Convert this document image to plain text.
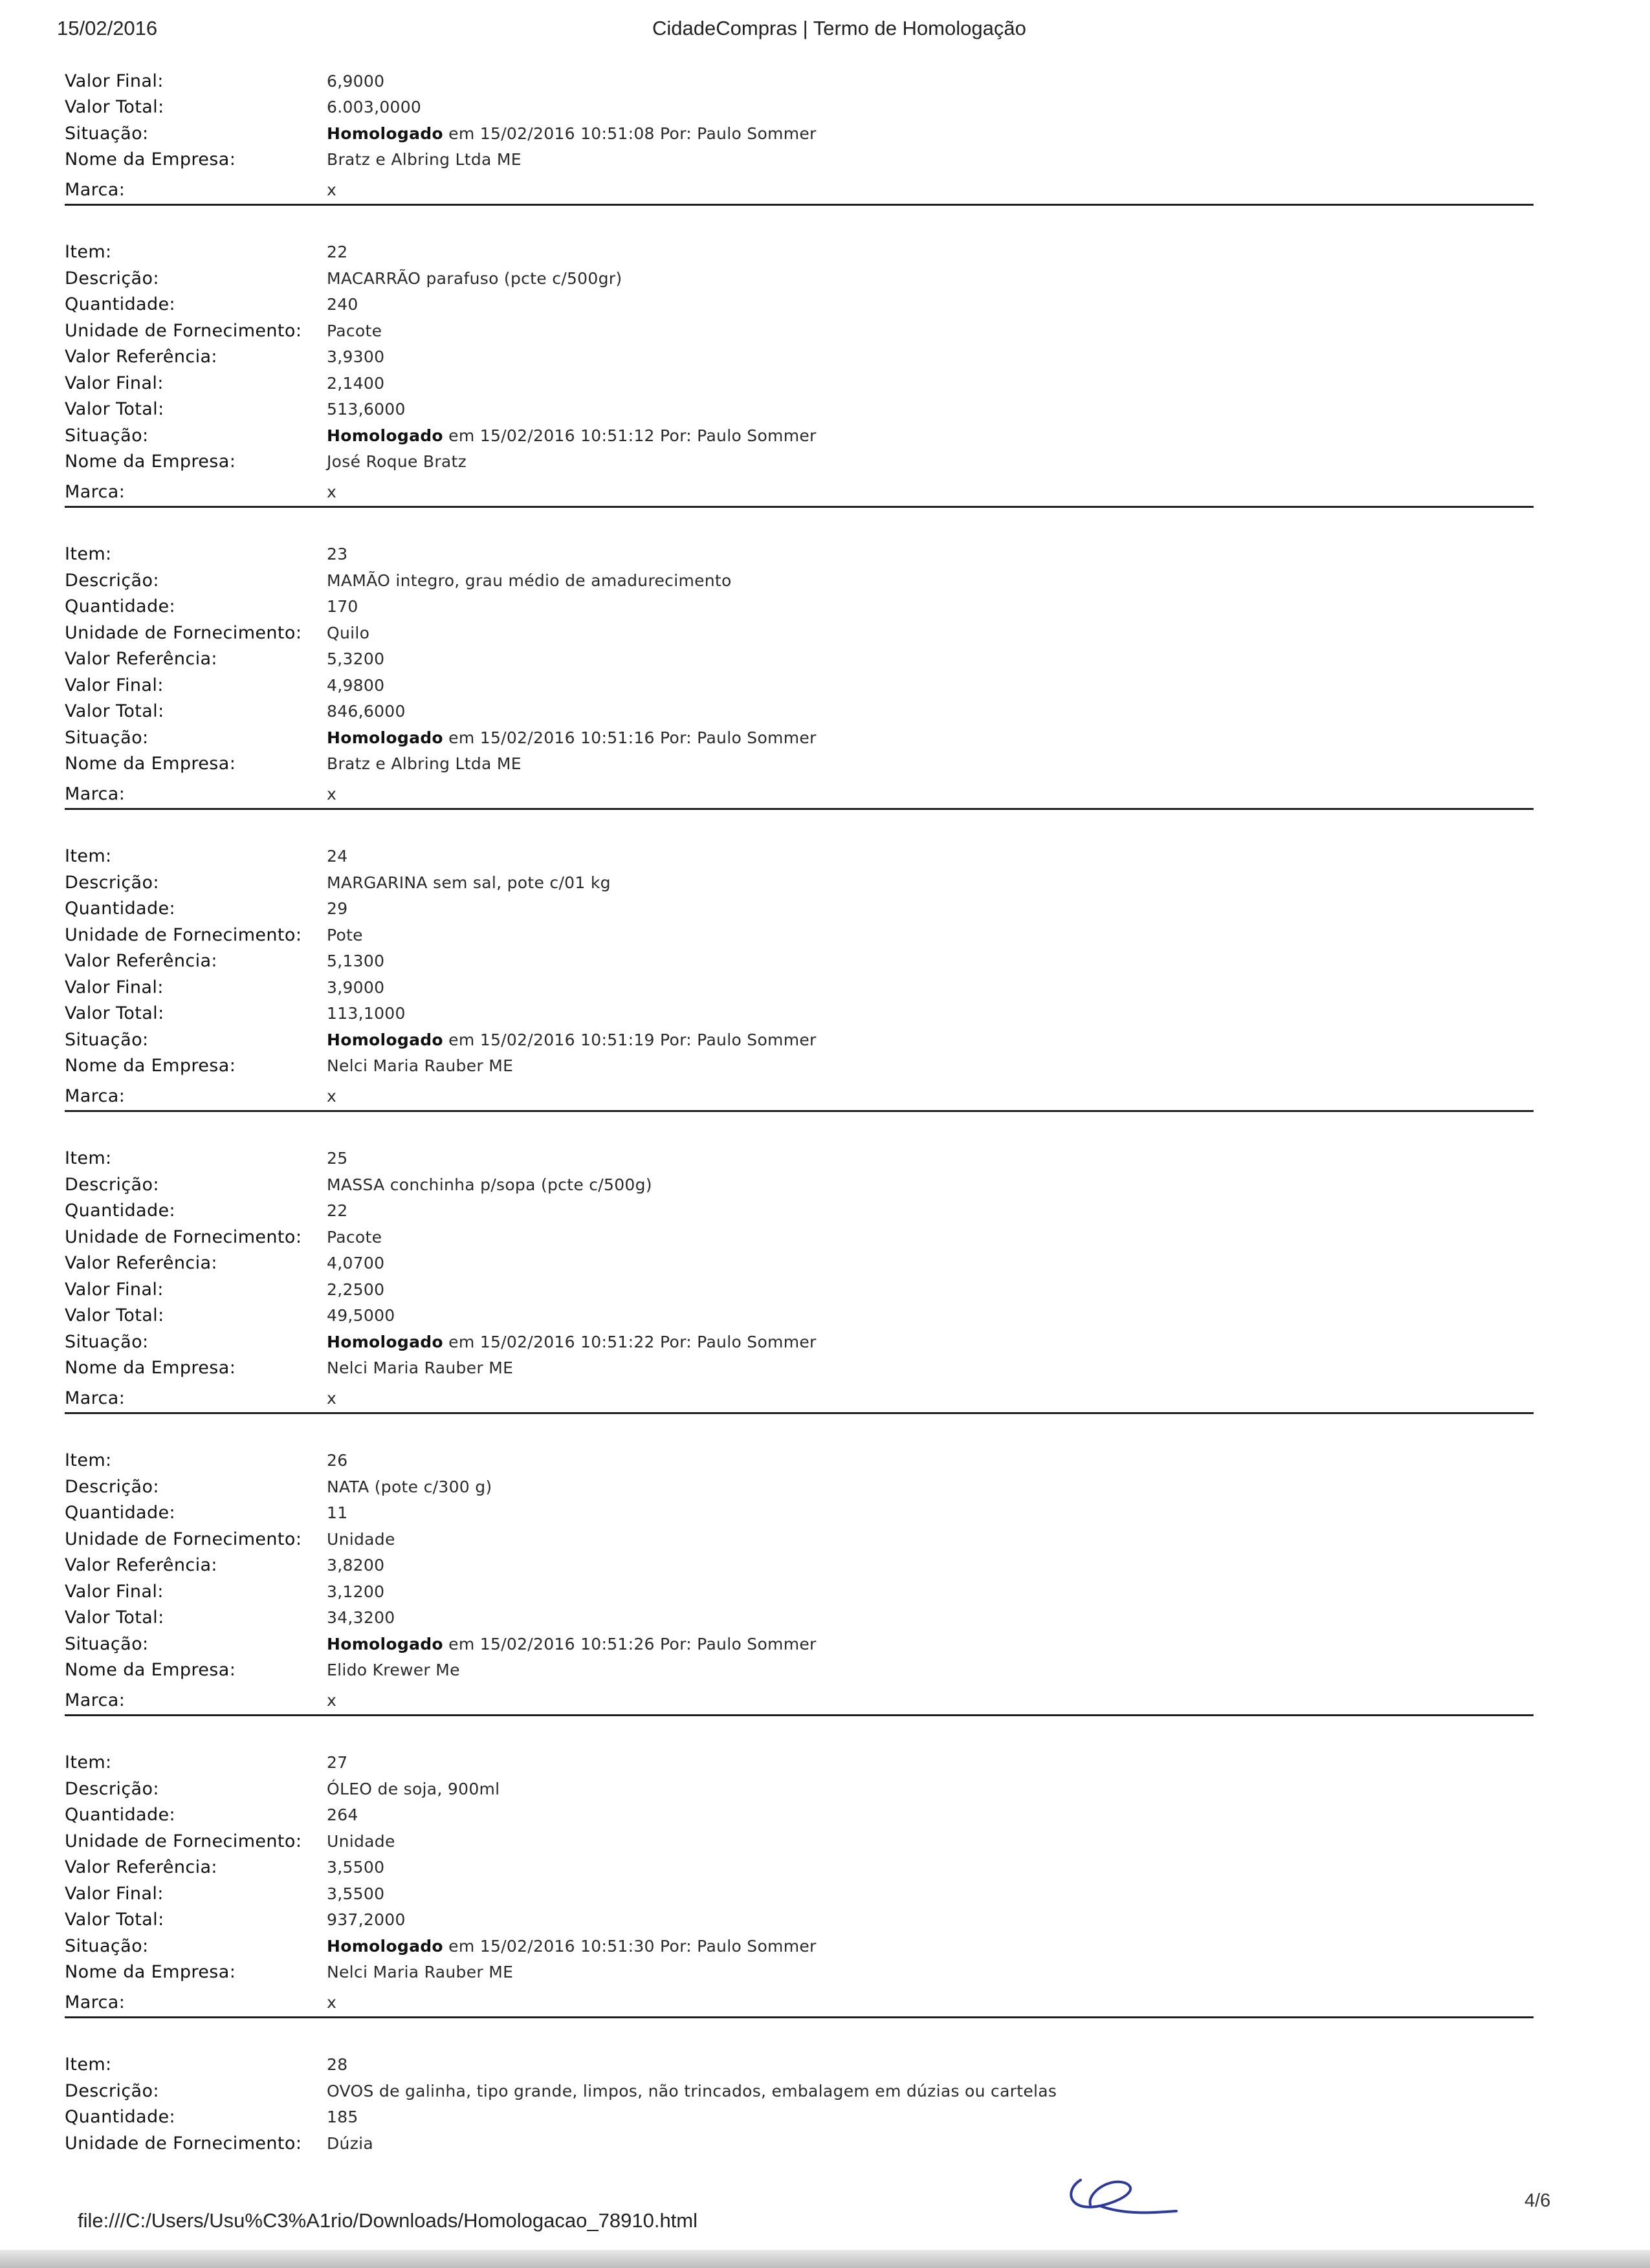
15/02/2016	CidadeCompras | Termo de Homologação
Valor Final:	6,9000
Valor Total:	6.003,0000
Situação:	Homologado em 15/02/2016 10:51:08 Por: Paulo Sommer
Nome da Empresa:	Bratz e Albring Ltda ME
Marca:	x
Item:	22
Descrição:	MACARRÃO parafuso (pcte c/500gr)
Quantidade:	240
Unidade de Fornecimento:	Pacote
Valor Referência:	3,9300
Valor Final:	2,1400
Valor Total:	513,6000
Situação:	Homologado em 15/02/2016 10:51:12 Por: Paulo Sommer
Nome da Empresa:	José Roque Bratz
Marca:	x
Item:	23
Descrição:	MAMÃO integro, grau médio de amadurecimento
Quantidade:	170
Unidade de Fornecimento:	Quilo
Valor Referência:	5,3200
Valor Final:	4,9800
Valor Total:	846,6000
Situação:	Homologado em 15/02/2016 10:51:16 Por: Paulo Sommer
Nome da Empresa:	Bratz e Albring Ltda ME
Marca:	x
Item:	24
Descrição:	MARGARINA sem sal, pote c/01 kg
Quantidade:	29
Unidade de Fornecimento:	Pote
Valor Referência:	5,1300
Valor Final:	3,9000
Valor Total:	113,1000
Situação:	Homologado em 15/02/2016 10:51:19 Por: Paulo Sommer
Nome da Empresa:	Nelci Maria Rauber ME
Marca:	x
Item:	25
Descrição:	MASSA conchinha p/sopa (pcte c/500g)
Quantidade:	22
Unidade de Fornecimento:	Pacote
Valor Referência:	4,0700
Valor Final:	2,2500
Valor Total:	49,5000
Situação:	Homologado em 15/02/2016 10:51:22 Por: Paulo Sommer
Nome da Empresa:	Nelci Maria Rauber ME
Marca:	x
Item:	26
Descrição:	NATA (pote c/300 g)
Quantidade:	11
Unidade de Fornecimento:	Unidade
Valor Referência:	3,8200
Valor Final:	3,1200
Valor Total:	34,3200
Situação:	Homologado em 15/02/2016 10:51:26 Por: Paulo Sommer
Nome da Empresa:	Elido Krewer Me
Marca:	x
Item:	27
Descrição:	ÓLEO de soja, 900ml
Quantidade:	264
Unidade de Fornecimento:	Unidade
Valor Referência:	3,5500
Valor Final:	3,5500
Valor Total:	937,2000
Situação:	Homologado em 15/02/2016 10:51:30 Por: Paulo Sommer
Nome da Empresa:	Nelci Maria Rauber ME
Marca:	x
Item:	28
Descrição:	OVOS de galinha, tipo grande, limpos, não trincados, embalagem em dúzias ou cartelas
Quantidade:	185
Unidade de Fornecimento:	Dúzia
file:///C:/Users/Usu%C3%A1rio/Downloads/Homologacao_78910.html
4/6
